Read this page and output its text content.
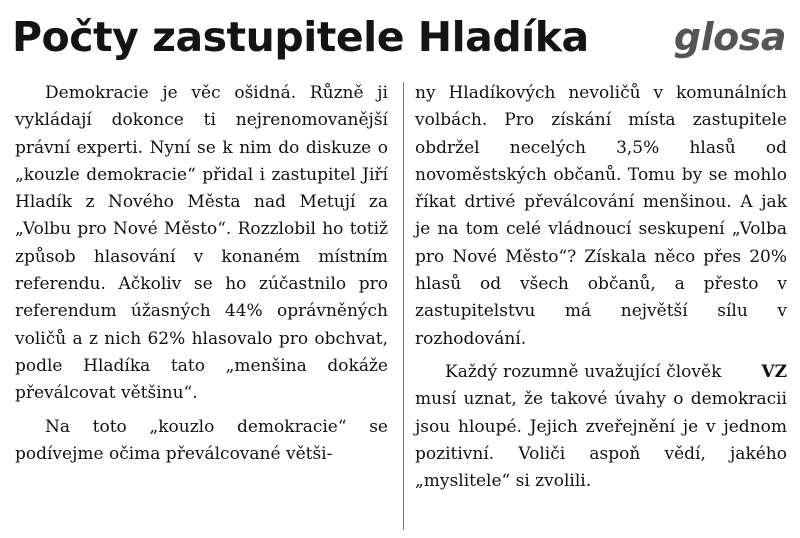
Počty zastupitele Hladíka glosa

Demokracie je věc ošidná. Různě ji vykládají dokonce ti nejrenomovanější právní experti. Nyní se k nim do diskuze o „kouzle demokracie“ přidal i zastupitel Jiří Hladík z Nového Města nad Metují za „Volbu pro Nové Město“. Rozzlobil ho totiž způsob hlasování v konaném místním referendu. Ačkoliv se ho zúčastnilo pro referendum úžasných 44% oprávněných voličů a z nich 62% hlasovalo pro obchvat, podle Hladíka tato „menšina dokáže převálcovat většinu“.

Na toto „kouzlo demokracie“ se podívejme očima převálcované větši-

ny Hladíkových nevoličů v komunálních volbách. Pro získání místa zastupitele obdržel necelých 3,5% hlasů od novoměstských občanů. Tomu by se mohlo říkat drtivé převálcování menšinou. A jak je na tom celé vládnoucí seskupení „Volba pro Nové Město“? Získala něco přes 20% hlasů od všech občanů, a přesto v zastupitelstvu má největší sílu v rozhodování.

VZ
Každý rozumně uvažující člověk musí uznat, že takové úvahy o demokracii jsou hloupé. Jejich zveřejnění je v jednom pozitivní. Voliči aspoň vědí, jakého „myslitele“ si zvolili.
